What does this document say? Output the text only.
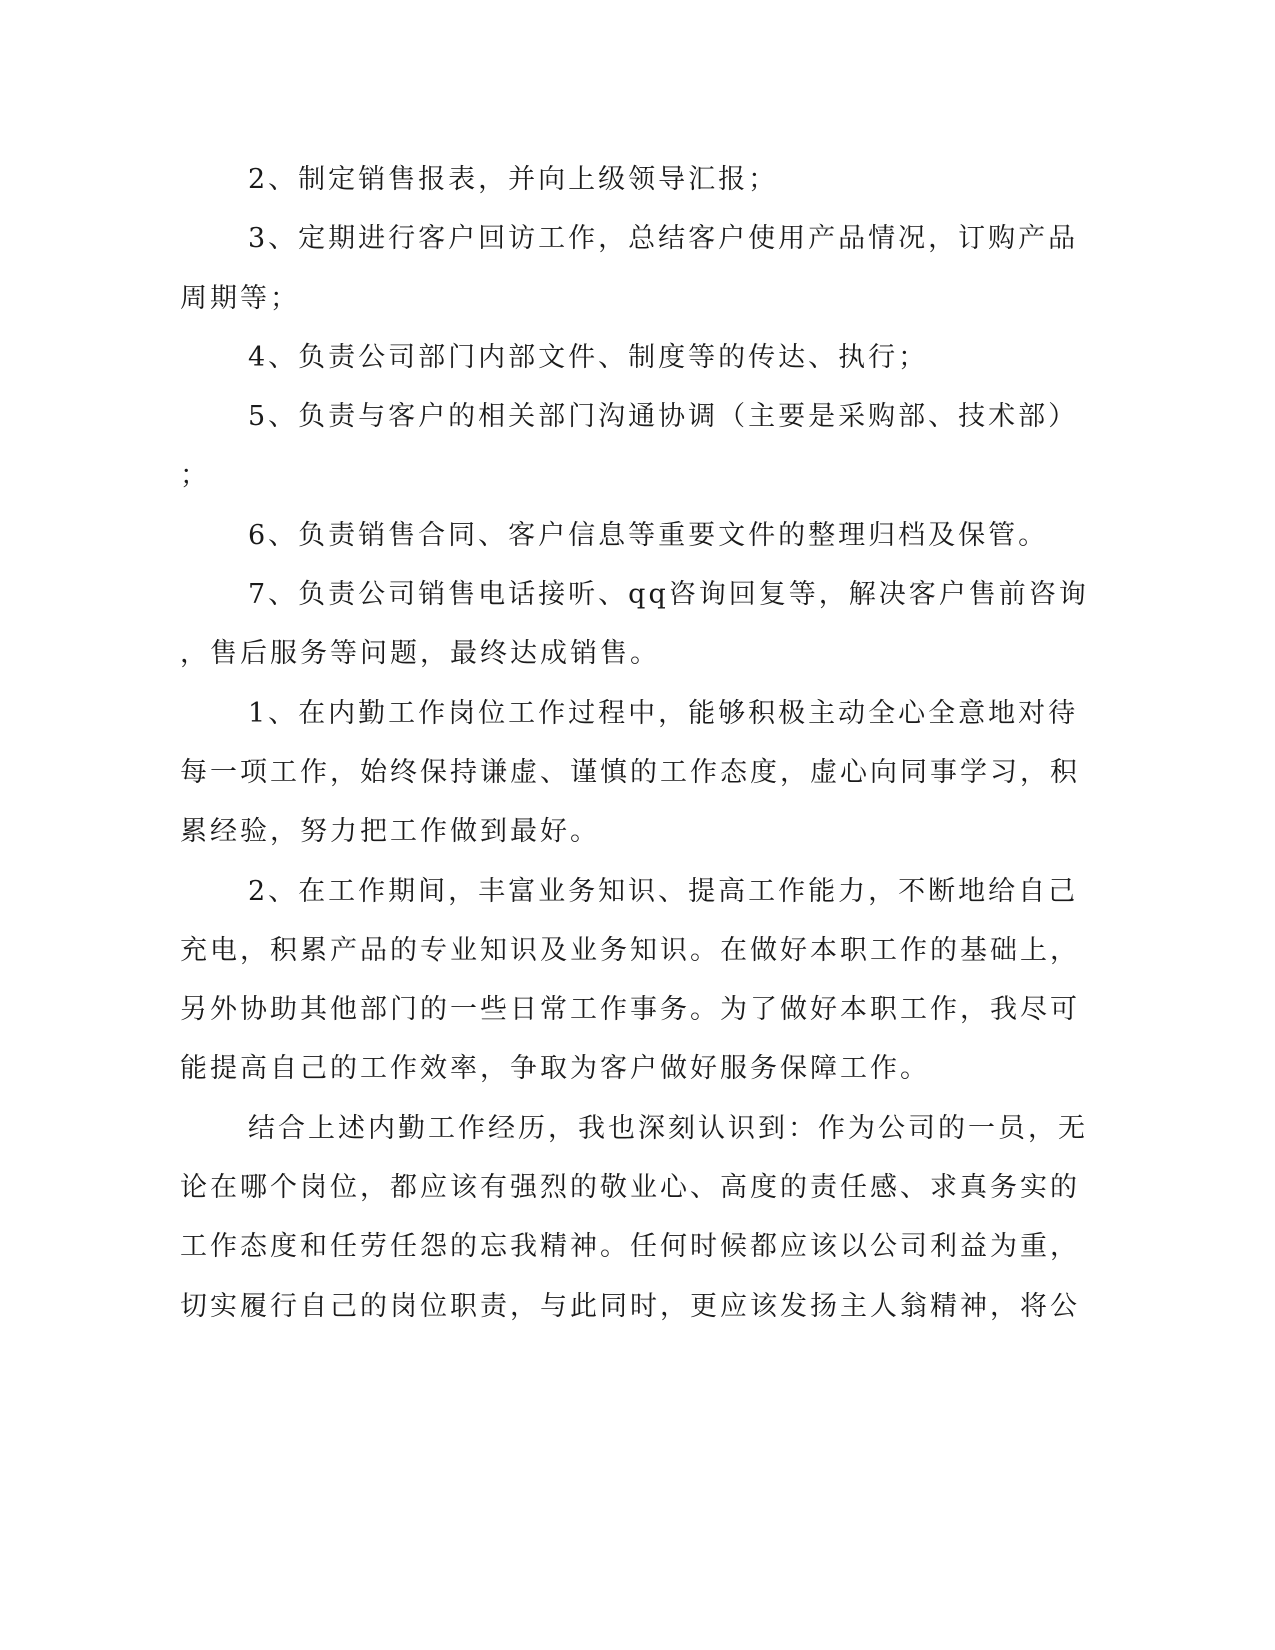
2、制定销售报表，并向上级领导汇报；
3、定期进行客户回访工作，总结客户使用产品情况，订购产品
周期等；
4、负责公司部门内部文件、制度等的传达、执行；
5、负责与客户的相关部门沟通协调（主要是采购部、技术部）
；
6、负责销售合同、客户信息等重要文件的整理归档及保管。
7、负责公司销售电话接听、qq咨询回复等，解决客户售前咨询
，售后服务等问题，最终达成销售。
1、在内勤工作岗位工作过程中，能够积极主动全心全意地对待
每一项工作，始终保持谦虚、谨慎的工作态度，虚心向同事学习，积
累经验，努力把工作做到最好。
2、在工作期间，丰富业务知识、提高工作能力，不断地给自己
充电，积累产品的专业知识及业务知识。在做好本职工作的基础上，
另外协助其他部门的一些日常工作事务。为了做好本职工作，我尽可
能提高自己的工作效率，争取为客户做好服务保障工作。
结合上述内勤工作经历，我也深刻认识到：作为公司的一员，无
论在哪个岗位，都应该有强烈的敬业心、高度的责任感、求真务实的
工作态度和任劳任怨的忘我精神。任何时候都应该以公司利益为重，
切实履行自己的岗位职责，与此同时，更应该发扬主人翁精神，将公
